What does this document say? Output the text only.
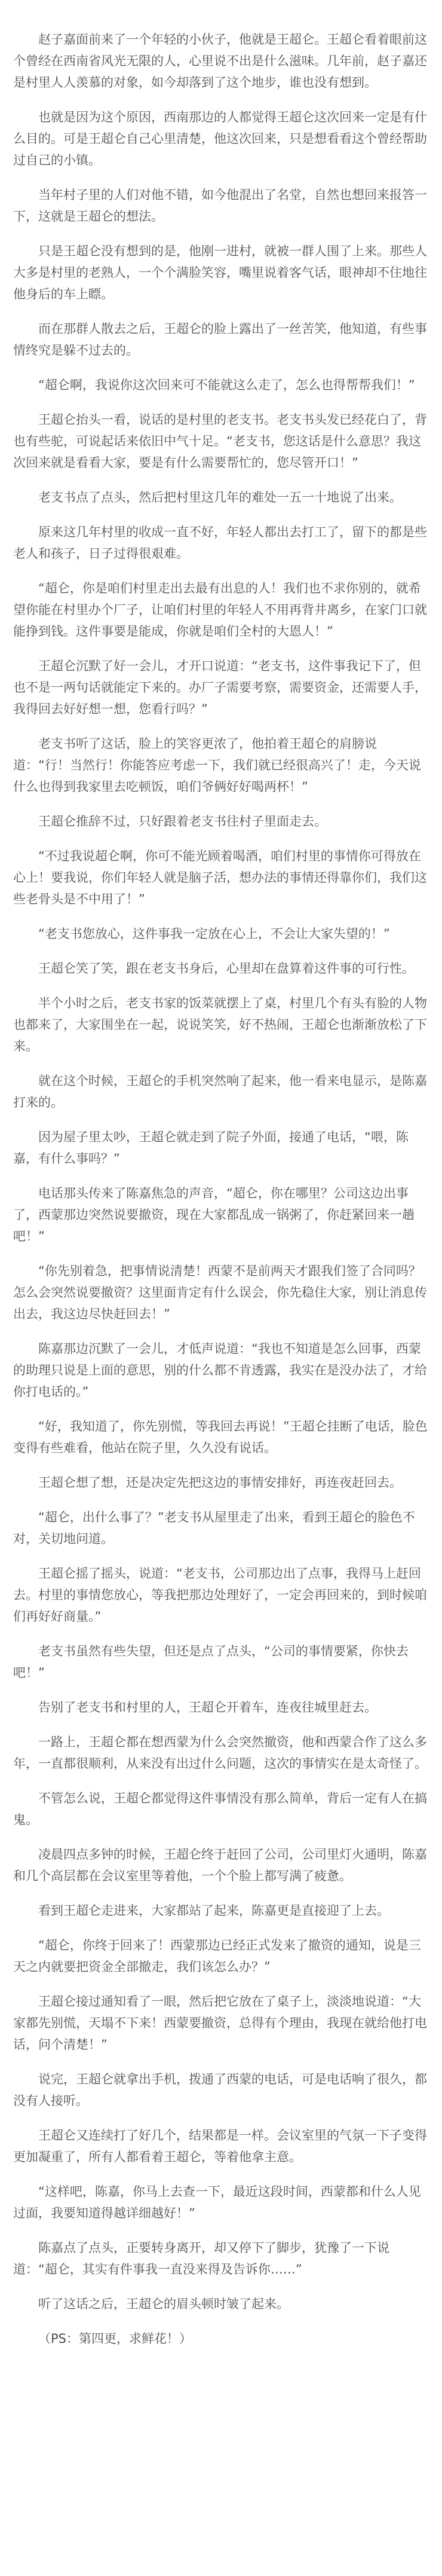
赵子嘉面前来了一个年轻的小伙子，他就是王超仑。王超仑看着眼前这个曾经在西南省风光无限的人，心里说不出是什么滋味。几年前，赵子嘉还是村里人人羡慕的对象，如今却落到了这个地步，谁也没有想到。

也就是因为这个原因，西南那边的人都觉得王超仑这次回来一定是有什么目的。可是王超仑自己心里清楚，他这次回来，只是想看看这个曾经帮助过自己的小镇。

当年村子里的人们对他不错，如今他混出了名堂，自然也想回来报答一下，这就是王超仑的想法。

只是王超仑没有想到的是，他刚一进村，就被一群人围了上来。那些人大多是村里的老熟人，一个个满脸笑容，嘴里说着客气话，眼神却不住地往他身后的车上瞟。

而在那群人散去之后，王超仑的脸上露出了一丝苦笑，他知道，有些事情终究是躲不过去的。

“超仑啊，我说你这次回来可不能就这么走了，怎么也得帮帮我们！”

王超仑抬头一看，说话的是村里的老支书。老支书头发已经花白了，背也有些驼，可说起话来依旧中气十足。“老支书，您这话是什么意思？我这次回来就是看看大家，要是有什么需要帮忙的，您尽管开口！”

老支书点了点头，然后把村里这几年的难处一五一十地说了出来。

原来这几年村里的收成一直不好，年轻人都出去打工了，留下的都是些老人和孩子，日子过得很艰难。

“超仑，你是咱们村里走出去最有出息的人！我们也不求你别的，就希望你能在村里办个厂子，让咱们村里的年轻人不用再背井离乡，在家门口就能挣到钱。这件事要是能成，你就是咱们全村的大恩人！”

王超仑沉默了好一会儿，才开口说道：“老支书，这件事我记下了，但也不是一两句话就能定下来的。办厂子需要考察，需要资金，还需要人手，我得回去好好想一想，您看行吗？”

老支书听了这话，脸上的笑容更浓了，他拍着王超仑的肩膀说道：“行！当然行！你能答应考虑一下，我们就已经很高兴了！走，今天说什么也得到我家里去吃顿饭，咱们爷俩好好喝两杯！”

王超仑推辞不过，只好跟着老支书往村子里面走去。

“不过我说超仑啊，你可不能光顾着喝酒，咱们村里的事情你可得放在心上！要我说，你们年轻人就是脑子活，想办法的事情还得靠你们，我们这些老骨头是不中用了！”

“老支书您放心，这件事我一定放在心上，不会让大家失望的！”

王超仑笑了笑，跟在老支书身后，心里却在盘算着这件事的可行性。

半个小时之后，老支书家的饭菜就摆上了桌，村里几个有头有脸的人物也都来了，大家围坐在一起，说说笑笑，好不热闹，王超仑也渐渐放松了下来。

就在这个时候，王超仑的手机突然响了起来，他一看来电显示，是陈嘉打来的。

因为屋子里太吵，王超仑就走到了院子外面，接通了电话，“喂，陈嘉，有什么事吗？”

电话那头传来了陈嘉焦急的声音，“超仑，你在哪里？公司这边出事了，西蒙那边突然说要撤资，现在大家都乱成一锅粥了，你赶紧回来一趟吧！”

“你先别着急，把事情说清楚！西蒙不是前两天才跟我们签了合同吗？怎么会突然说要撤资？这里面肯定有什么误会，你先稳住大家，别让消息传出去，我这边尽快赶回去！”

陈嘉那边沉默了一会儿，才低声说道：“我也不知道是怎么回事，西蒙的助理只说是上面的意思，别的什么都不肯透露，我实在是没办法了，才给你打电话的。”

“好，我知道了，你先别慌，等我回去再说！”王超仑挂断了电话，脸色变得有些难看，他站在院子里，久久没有说话。

王超仑想了想，还是决定先把这边的事情安排好，再连夜赶回去。

“超仑，出什么事了？”老支书从屋里走了出来，看到王超仑的脸色不对，关切地问道。

王超仑摇了摇头，说道：“老支书，公司那边出了点事，我得马上赶回去。村里的事情您放心，等我把那边处理好了，一定会再回来的，到时候咱们再好好商量。”

老支书虽然有些失望，但还是点了点头，“公司的事情要紧，你快去吧！”

告别了老支书和村里的人，王超仑开着车，连夜往城里赶去。

一路上，王超仑都在想西蒙为什么会突然撤资，他和西蒙合作了这么多年，一直都很顺利，从来没有出过什么问题，这次的事情实在是太奇怪了。

不管怎么说，王超仑都觉得这件事情没有那么简单，背后一定有人在搞鬼。

凌晨四点多钟的时候，王超仑终于赶回了公司，公司里灯火通明，陈嘉和几个高层都在会议室里等着他，一个个脸上都写满了疲惫。

看到王超仑走进来，大家都站了起来，陈嘉更是直接迎了上去。

“超仑，你终于回来了！西蒙那边已经正式发来了撤资的通知，说是三天之内就要把资金全部撤走，我们该怎么办？”

王超仑接过通知看了一眼，然后把它放在了桌子上，淡淡地说道：“大家都先别慌，天塌不下来！西蒙要撤资，总得有个理由，我现在就给他打电话，问个清楚！”

说完，王超仑就拿出手机，拨通了西蒙的电话，可是电话响了很久，都没有人接听。

王超仑又连续打了好几个，结果都是一样。会议室里的气氛一下子变得更加凝重了，所有人都看着王超仑，等着他拿主意。

“这样吧，陈嘉，你马上去查一下，最近这段时间，西蒙都和什么人见过面，我要知道得越详细越好！”

陈嘉点了点头，正要转身离开，却又停下了脚步，犹豫了一下说道：“超仑，其实有件事我一直没来得及告诉你……”

听了这话之后，王超仑的眉头顿时皱了起来。

（PS：第四更，求鲜花！）
